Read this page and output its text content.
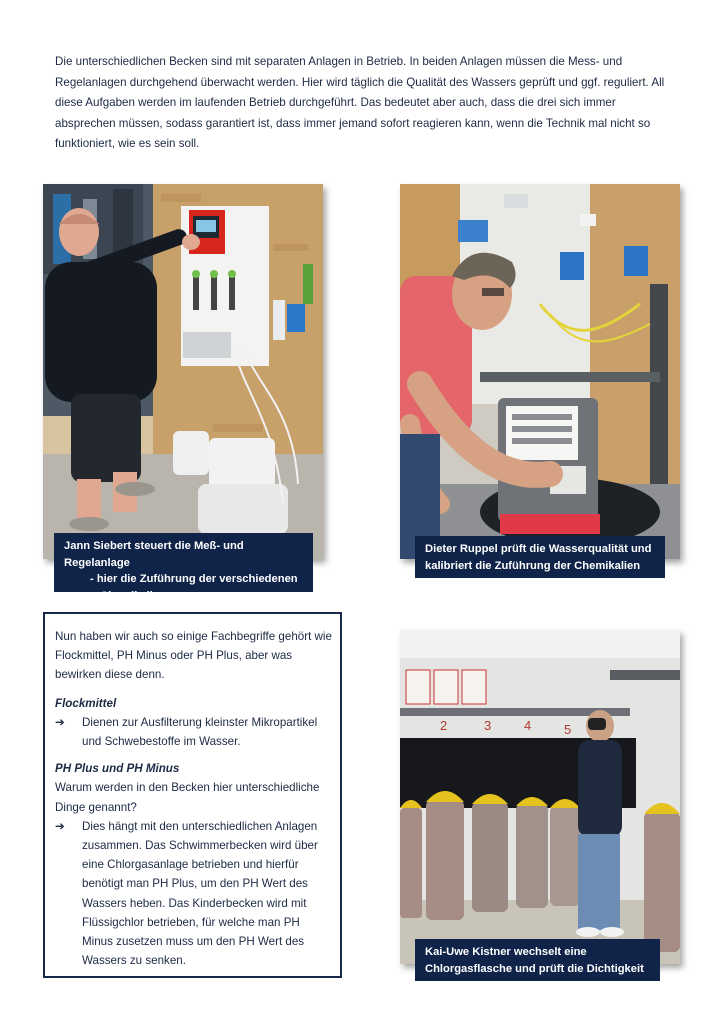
Die unterschiedlichen Becken sind mit separaten Anlagen in Betrieb. In beiden Anlagen müssen die Mess- und Regelanlagen durchgehend überwacht werden. Hier wird täglich die Qualität des Wassers geprüft und ggf. reguliert. All diese Aufgaben werden im laufenden Betrieb durchgeführt. Das bedeutet aber auch, dass die drei sich immer absprechen müssen, sodass garantiert ist, dass immer jemand sofort reagieren kann, wenn die Technik mal nicht so funktioniert, wie es sein soll.
Jann Siebert steuert die Meß- und Regelanlage
- hier die Zuführung der verschiedenen
Chemikalien
Dieter Ruppel prüft die Wasserqualität und
kalibriert die Zuführung der Chemikalien

Nun haben wir auch so einige Fachbegriffe gehört wie Flockmittel, PH Minus oder PH Plus, aber was bewirken diese denn.

Flockmittel
➔	Dienen zur Ausfilterung kleinster Mikropartikel und Schwebestoffe im Wasser.
PH Plus und PH Minus

Warum werden in den Becken hier unterschiedliche Dinge genannt?

➔	Dies hängt mit den unterschiedlichen Anlagen zusammen. Das Schwimmerbecken wird über eine Chlorgasanlage betrieben und hierfür benötigt man PH Plus, um den PH Wert des Wassers heben. Das Kinderbecken wird mit Flüssigchlor betrieben, für welche man PH Minus zusetzen muss um den PH Wert des Wassers zu senken.
2	3	4	5
Kai-Uwe Kistner wechselt eine
Chlorgasflasche und prüft die Dichtigkeit
